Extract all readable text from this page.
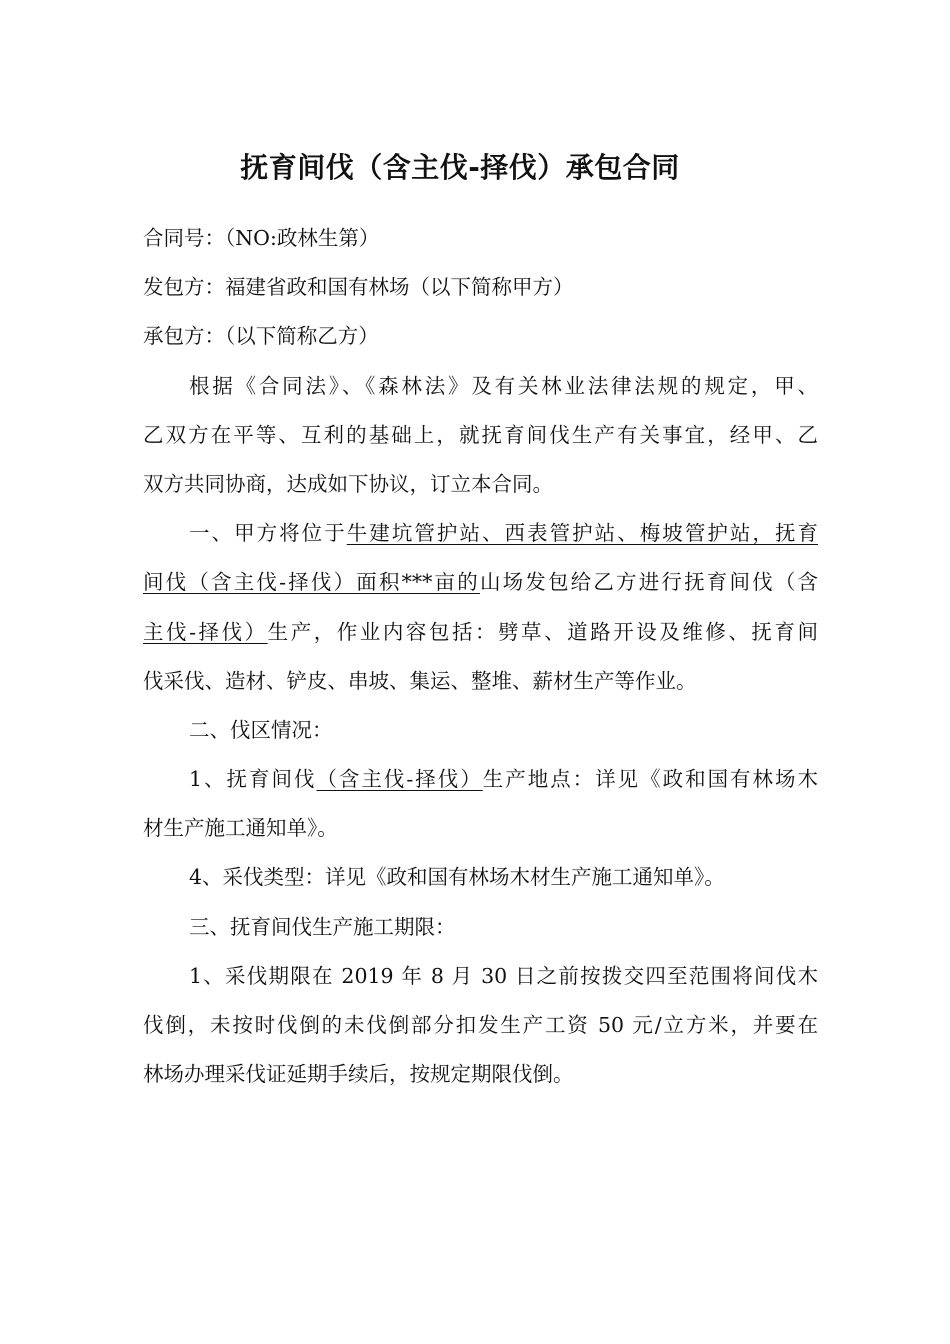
抚育间伐（含主伐-择伐）承包合同
合同号：（NO:政林生第）
发包方：福建省政和国有林场（以下简称甲方）
承包方：（以下简称乙方）
根据《合同法》、《森林法》及有关林业法律法规的规定，甲、
乙双方在平等、互利的基础上，就抚育间伐生产有关事宜，经甲、乙
双方共同协商，达成如下协议，订立本合同。
一、甲方将位于牛建坑管护站、西表管护站、梅坡管护站，抚育
间伐（含主伐-择伐）面积***亩的山场发包给乙方进行抚育间伐（含
主伐-择伐）生产，作业内容包括：劈草、道路开设及维修、抚育间
伐采伐、造材、铲皮、串坡、集运、整堆、薪材生产等作业。
二、伐区情况：
1、抚育间伐（含主伐-择伐）生产地点：详见《政和国有林场木
材生产施工通知单》。
4、采伐类型：详见《政和国有林场木材生产施工通知单》。
三、抚育间伐生产施工期限：
1、采伐期限在 2019 年 8 月 30 日之前按拨交四至范围将间伐木
伐倒，未按时伐倒的未伐倒部分扣发生产工资 50 元/立方米，并要在
林场办理采伐证延期手续后，按规定期限伐倒。
